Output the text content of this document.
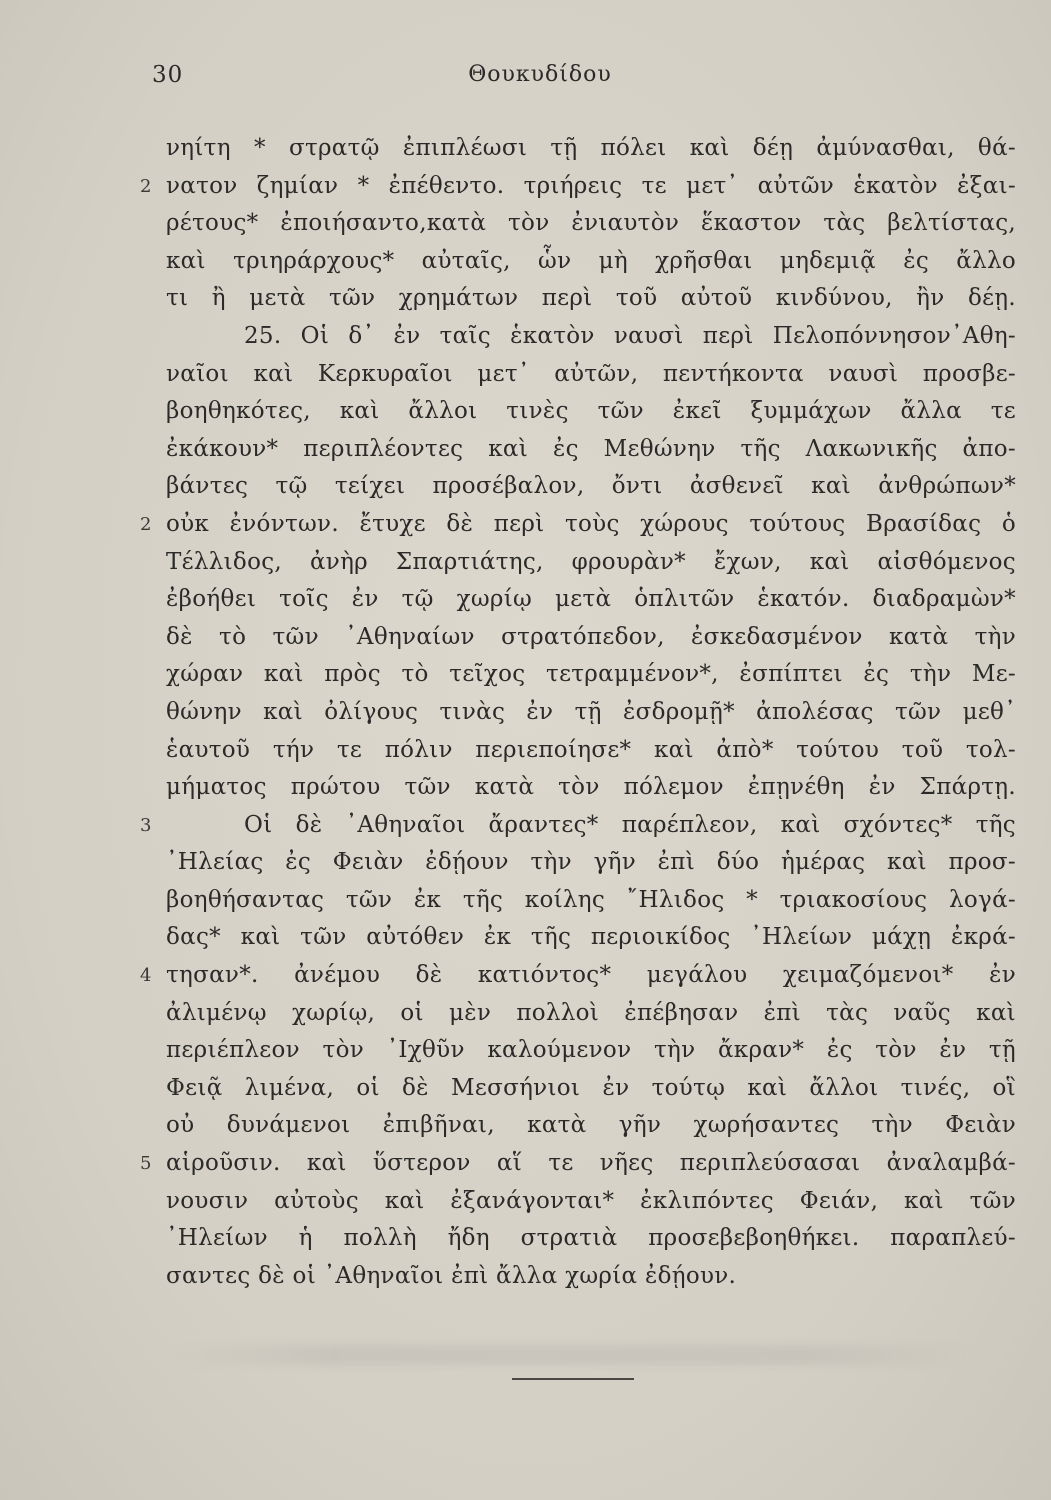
30	Θουκυδίδου
νηίτη * στρατῷ ἐπιπλέωσι τῇ πόλει καὶ δέῃ ἀμύνασθαι, θά-
2 νατον ζημίαν * ἐπέθεντο. τριήρεις τε μετ᾽ αὐτῶν ἑκατὸν ἐξαι-
ρέτους* ἐποιήσαντο,κατὰ τὸν ἐνιαυτὸν ἕκαστον τὰς βελτίστας,
καὶ τριηράρχους* αὐταῖς, ὧν μὴ χρῆσθαι μηδεμιᾷ ἐς ἄλλο
τι ἢ μετὰ τῶν χρημάτων περὶ τοῦ αὐτοῦ κινδύνου, ἢν δέῃ.
25. Οἱ δ᾽ ἐν ταῖς ἑκατὸν ναυσὶ περὶ Πελοπόννησον᾽Αθη-
ναῖοι καὶ Κερκυραῖοι μετ᾽ αὐτῶν, πεντήκοντα ναυσὶ προσβε-
βοηθηκότες, καὶ ἄλλοι τινὲς τῶν ἐκεῖ ξυμμάχων ἄλλα τε
ἐκάκουν* περιπλέοντες καὶ ἐς Μεθώνην τῆς Λακωνικῆς ἀπο-
βάντες τῷ τείχει προσέβαλον, ὄντι ἀσθενεῖ καὶ ἀνθρώπων*
2 οὐκ ἐνόντων. ἔτυχε δὲ περὶ τοὺς χώρους τούτους Βρασίδας ὁ
Τέλλιδος, ἀνὴρ Σπαρτιάτης, φρουρὰν* ἔχων, καὶ αἰσθόμενος
ἐβοήθει τοῖς ἐν τῷ χωρίῳ μετὰ ὁπλιτῶν ἑκατόν. διαδραμὼν*
δὲ τὸ τῶν ᾽Αθηναίων στρατόπεδον, ἐσκεδασμένον κατὰ τὴν
χώραν καὶ πρὸς τὸ τεῖχος τετραμμένον*, ἐσπίπτει ἐς τὴν Με-
θώνην καὶ ὀλίγους τινὰς ἐν τῇ ἐσδρομῇ* ἀπολέσας τῶν μεθ᾽
ἑαυτοῦ τήν τε πόλιν περιεποίησε* καὶ ἀπὸ* τούτου τοῦ τολ-
μήματος πρώτου τῶν κατὰ τὸν πόλεμον ἐπῃνέθη ἐν Σπάρτῃ.
3	Οἱ δὲ ᾽Αθηναῖοι ἄραντες* παρέπλεον, καὶ σχόντες* τῆς
᾽Ηλείας ἐς Φειὰν ἐδῄουν τὴν γῆν ἐπὶ δύο ἡμέρας καὶ προσ-
βοηθήσαντας τῶν ἐκ τῆς κοίλης ῎Ηλιδος * τριακοσίους λογά-
δας* καὶ τῶν αὐτόθεν ἐκ τῆς περιοικίδος ᾽Ηλείων μάχῃ ἐκρά-
4 τησαν*. ἀνέμου δὲ κατιόντος* μεγάλου χειμαζόμενοι* ἐν
ἀλιμένῳ χωρίῳ, οἱ μὲν πολλοὶ ἐπέβησαν ἐπὶ τὰς ναῦς καὶ
περιέπλεον τὸν ᾽Ιχθῦν καλούμενον τὴν ἄκραν* ἐς τὸν ἐν τῇ
Φειᾷ λιμένα, οἱ δὲ Μεσσήνιοι ἐν τούτῳ καὶ ἄλλοι τινές, οἳ
οὐ δυνάμενοι ἐπιβῆναι, κατὰ γῆν χωρήσαντες τὴν Φειὰν
5 αἱροῦσιν. καὶ ὕστερον αἵ τε νῆες περιπλεύσασαι ἀναλαμβά-
νουσιν αὐτοὺς καὶ ἐξανάγονται* ἐκλιπόντες Φειάν, καὶ τῶν
᾽Ηλείων ἡ πολλὴ ἤδη στρατιὰ προσεβεβοηθήκει. παραπλεύ-
σαντες δὲ οἱ ᾽Αθηναῖοι ἐπὶ ἄλλα χωρία ἐδῄουν.
